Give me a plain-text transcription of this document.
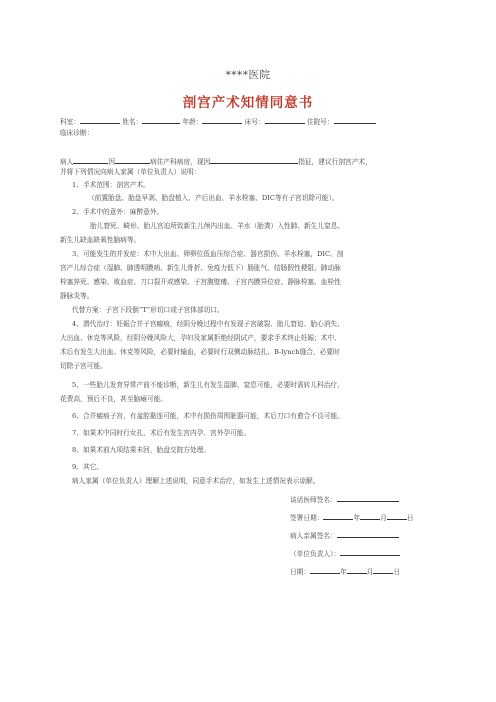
****医院
剖宫产术知情同意书
科室：	姓名：	年龄：	床号：	住院号：
临床诊断：
病人	因	病住产科病房，现因	指征，建议行剖宫产术，
并将下列情况向病人家属（单位负责人）说明：
1、手术范围：剖宫产术。
（前置胎盘、胎盘早剥、胎盘植入、产后出血、羊水栓塞、DIC等有子宫切除可能）。
2、手术中的意外：麻醉意外。
胎儿窘死、畸形、胎儿宫迫所致新生儿颅内出血、羊水（胎粪）入性肺、新生儿窒息、
新生儿缺血缺氧性脑病等。
3、可能发生的并发症：术中大出血、卵卵位低血压综合症、器官损伤、羊水栓塞，DIC、剖
宫产儿综合症（湿肺、肺透明膜病、新生儿骨折、免疫力低下）肠胀气、结肠假性梗阻、肺动脉
栓塞猝死、感染、败血症、刀口裂开或感染、子宫腹壁瘘、子宫内膜异位症、静脉栓塞、血栓性
静脉炎等。
代替方案：子宫下段倒“T”形切口或子宫体部切口。
4、潜代治疗：妊娠合并子宫瘢痕，经阴分娩过程中有发现子宫破裂、胎儿窘迫、胎心消失、
大出血、休克等风险，经阴分娩风险大，孕妇及家属拒绝经阴试产，要求手术终止妊娠；术中、
术后有发生大出血、休克等风险，必要时输血，必要时行双侧动脉结扎、B-lynch缝合，必要时
切除子宫可能。
5、一些胎儿发育异常产前不能诊断，新生儿有发生湿肺、窒息可能，必要时需转儿科治疗，
花费高，预后不良，甚至脑瘫可能。
6、合并瘢痕子宫，有盆腔黏连可能，术中有损伤周围脏器可能，术后刀口有愈合不良可能。
7、如果术中同时行女扎，术后有发生宫内孕、宫外孕可能。
8、如果术前九项结果未回，胎盘交院方处理。
9、其它。
病人家属（单位负责人）理解上述说明，同意手术治疗，如发生上述情况表示谅解。
谈话医师签名：
签署日期：	年	月	日
病人亲属签名：
（单位负责人）：
日期：	年	月	日
